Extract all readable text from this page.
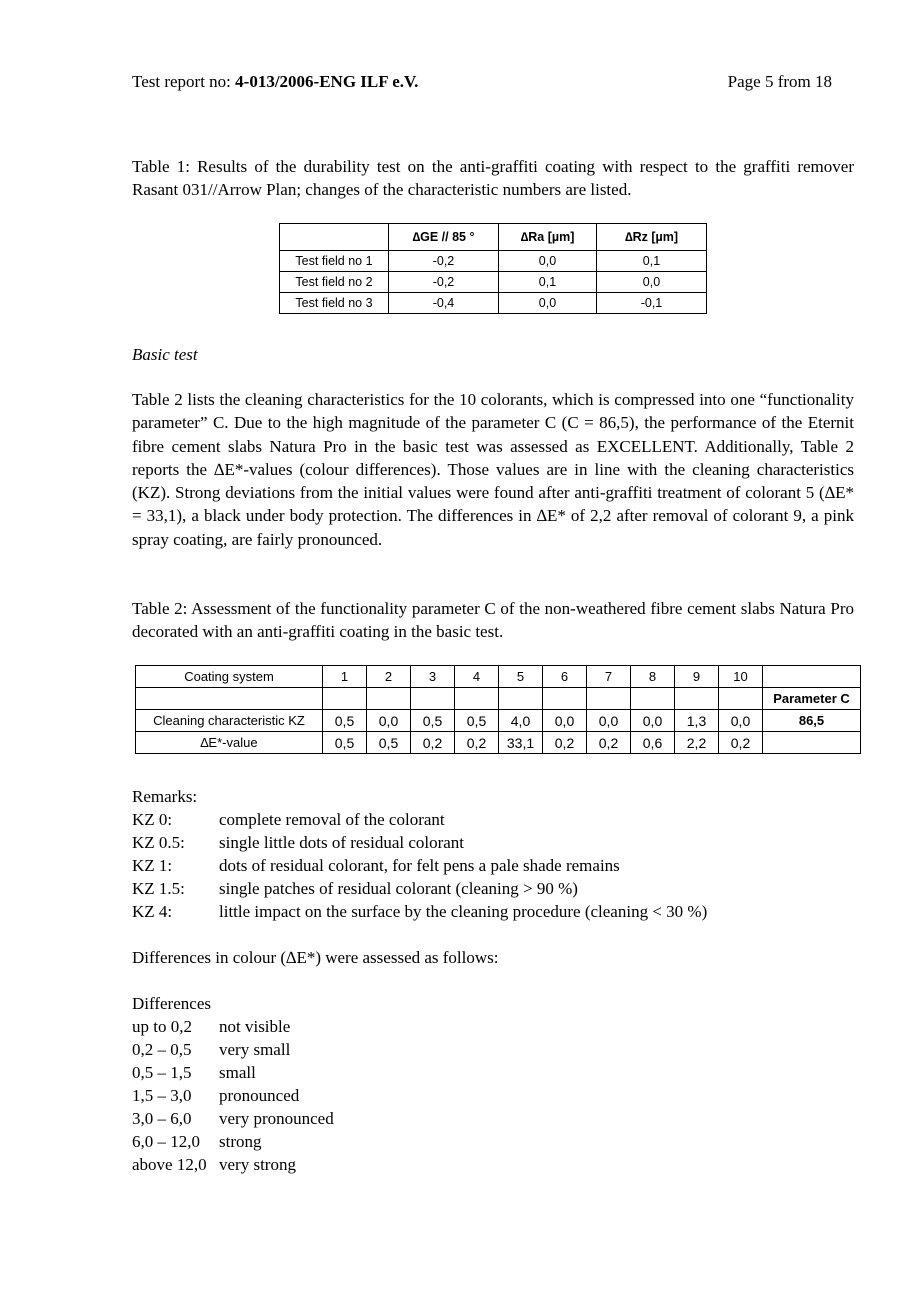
Test report no: 4-013/2006-ENG ILF e.V.	Page 5 from 18

Table 1: Results of the durability test on the anti-graffiti coating with respect to the graffiti remover Rasant 031//Arrow Plan; changes of the characteristic numbers are listed.

	∆GE // 85 °	∆Ra [µm]	∆Rz [µm]
Test field no 1	-0,2	0,0	0,1
Test field no 2	-0,2	0,1	0,0
Test field no 3	-0,4	0,0	-0,1

Basic test

Table 2 lists the cleaning characteristics for the 10 colorants, which is compressed into one “functionality parameter” C. Due to the high magnitude of the parameter C (C = 86,5), the performance of the Eternit fibre cement slabs Natura Pro in the basic test was assessed as EXCELLENT. Additionally, Table 2 reports the ∆E*-values (colour differences). Those values are in line with the cleaning characteristics (KZ). Strong deviations from the initial values were found after anti-graffiti treatment of colorant 5 (∆E* = 33,1), a black under body protection. The differences in ∆E* of 2,2 after removal of colorant 9, a pink spray coating, are fairly pronounced.

Table 2: Assessment of the functionality parameter C of the non-weathered fibre cement slabs Natura Pro decorated with an anti-graffiti coating in the basic test.

Coating system	1	2	3	4	5	6	7	8	9	10	
											Parameter C
Cleaning characteristic KZ	0,5	0,0	0,5	0,5	4,0	0,0	0,0	0,0	1,3	0,0	86,5
∆E*-value	0,5	0,5	0,2	0,2	33,1	0,2	0,2	0,6	2,2	0,2	

Remarks:

KZ 0:	complete removal of the colorant
KZ 0.5: single little dots of residual colorant
KZ 1:	dots of residual colorant, for felt pens a pale shade remains
KZ 1.5: single patches of residual colorant (cleaning > 90 %)
KZ 4:	little impact on the surface by the cleaning procedure (cleaning < 30 %)

Differences in colour (∆E*) were assessed as follows:

Differences

up to 0,2 not visible
0,2 – 0,5 very small
0,5 – 1,5 small
1,5 – 3,0 pronounced
3,0 – 6,0 very pronounced
6,0 – 12,0 strong
above 12,0 very strong
